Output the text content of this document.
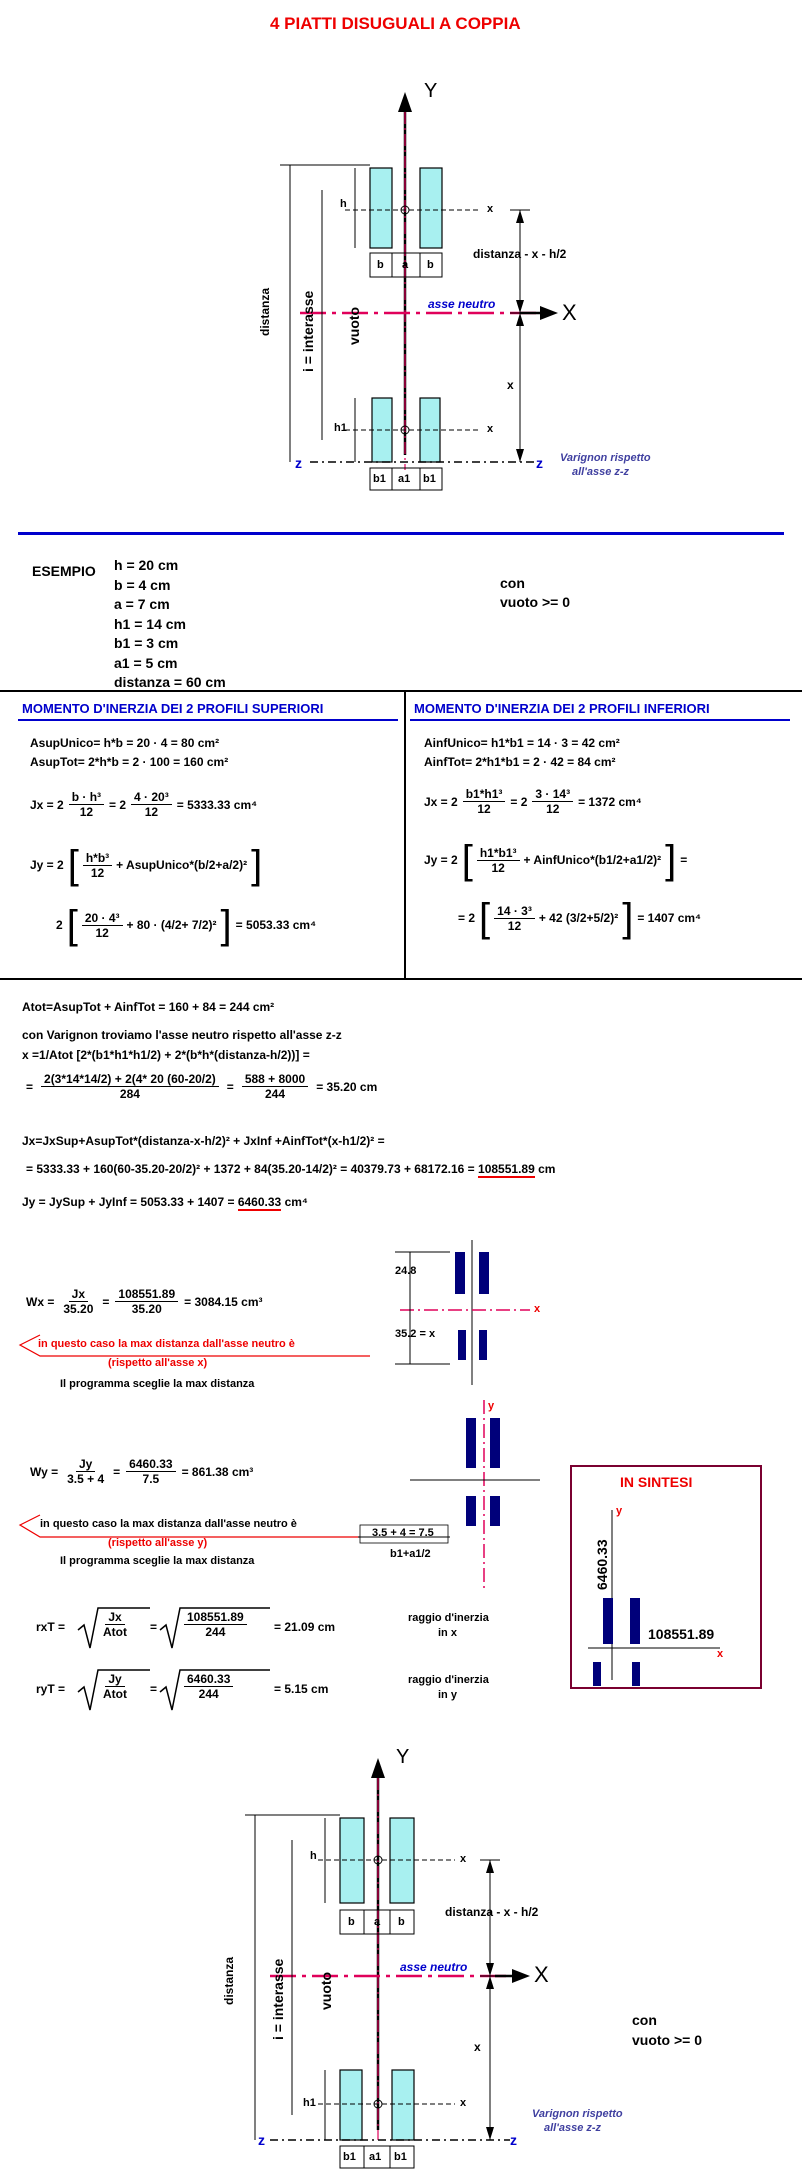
4 PIATTI DISUGUALI A COPPIA
Y
X
x
x
h
h1
b a b
b1 a1 b1
z	z
distanza - x - h/2
x
asse neutro
Varignon rispetto
all'asse z-z
distanza i = interasse vuoto
ESEMPIO h = 20 cm
b = 4 cm
a = 7 cm
h1 = 14 cm
b1 = 3 cm
a1 = 5 cm
distanza = 60 cm
con
vuoto >= 0
MOMENTO D'INERZIA DEI 2 PROFILI SUPERIORI
AsupUnico= h*b = 20 · 4 = 80 cm²
AsupTot= 2*h*b = 2 · 100 = 160 cm²
$Jx = 2 \frac{\text{b · h³}}{12} = 2 \frac{\text{4 · 20³}}{12} = 5333.33$ cm⁴
Jy = 2 [ $\frac{\text{h*b³}}{12}$ + AsupUnico*(b/2+a/2)² ]
2 [ $\frac{\text{20 · 4³}}{12} + 80 \cdot (4/2+ 7/2)^2$ ] = 5053.33 cm⁴
MOMENTO D'INERZIA DEI 2 PROFILI INFERIORI
AinfUnico= h1*b1 = 14 · 3 = 42 cm²
AinfTot= 2*h1*b1 = 2 · 42 = 84 cm²
$Jx = 2 \frac{\text{b1*h1³}}{12} = 2 \frac{\text{3 · 14³}}{12} = 1372$ cm⁴
Jy = 2 [ $\frac{\text{h1*b1³}}{12}$ + AinfUnico*(b1/2+a1/2)² ] =
= 2 [ $\frac{\text{14 · 3³}}{12} + 42$ (3/2+5/2)² ] = 1407 cm⁴
Atot=AsupTot + AinfTot = 160 + 84 = 244 cm²
con Varignon troviamo l'asse neutro rispetto all'asse z-z
x =1/Atot [2*(b1*h1*h1/2) + 2*(b*h*(distanza-h/2))] =
= $\frac{2(3*14*14/2) + 2(4* 20 (60-20/2)}{284} = \frac{588 + 8000}{244} = 35.20$ cm
Jx=JxSup+AsupTot*(distanza-x-h/2)² + JxInf +AinfTot*(x-h1/2)² =
= 5333.33 + 160(60-35.20-20/2)² + 1372 + 84(35.20-14/2)² = 40379.73 + 68172.16 = 108551.89 cm
Jy = JySup + JyInf = 5053.33 + 1407 = 6460.33 cm⁴
$Wx = \frac{Jx}{35.20} = \frac{108551.89}{35.20} = 3084.15$ cm³
in questo caso la max distanza dall'asse neutro è
(rispetto all'asse x)
Il programma sceglie la max distanza
24.8
35.2 = x
x
$Wy = \frac{Jy}{3.5 + 4} = \frac{6460.33}{7.5} = 861.38$ cm³
in questo caso la max distanza dall'asse neutro è
(rispetto all'asse y)
Il programma sceglie la max distanza
y
3.5 + 4 = 7.5
b1+a1/2
IN SINTESI
y
x
6460.33
108551.89
rxT =	$\frac{Jx}{\text{Atot}} = \frac{108551.89}{244} = 21.09$ cm
raggio d'inerzia
in x
ryT =	$\frac{Jy}{\text{Atot}} = \frac{6460.33}{244}$	= 5.15 cm
raggio d'inerzia
in y
Y
X
x
x
h
h1
b a b
b1 a1 b1
z	z
distanza - x - h/2
x
asse neutro
Varignon rispetto
all'asse z-z
distanza i = interasse vuoto
con
vuoto >= 0
